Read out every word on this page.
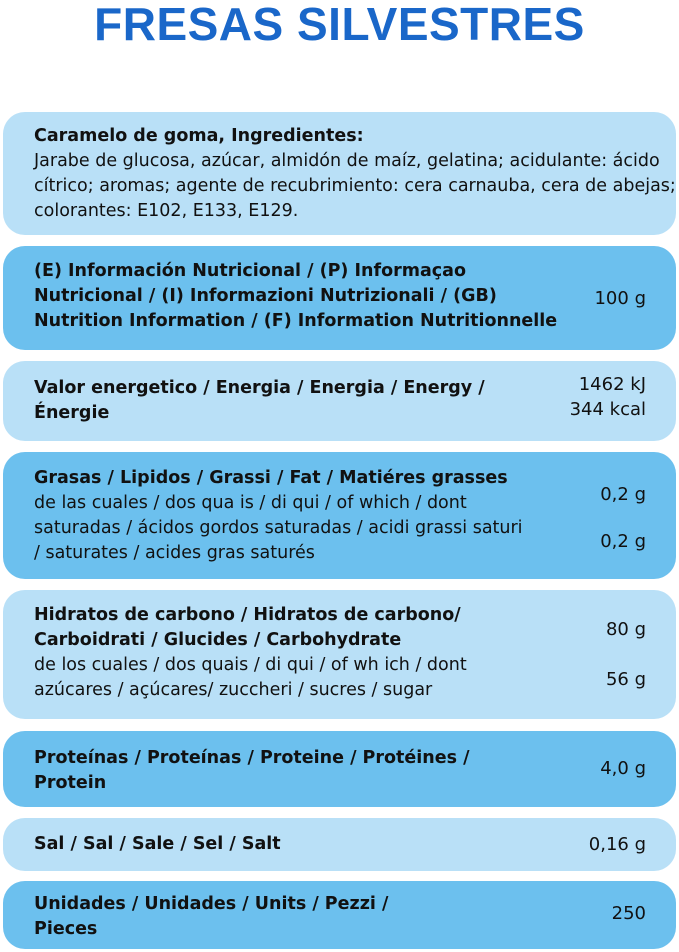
FRESAS SILVESTRES
Caramelo de goma, Ingredientes:
Jarabe de glucosa, azúcar, almidón de maíz, gelatina; acidulante: ácido
cítrico; aromas; agente de recubrimiento: cera carnauba, cera de abejas;
colorantes: E102, E133, E129.
(E) Información Nutricional / (P) Informaçao
Nutricional / (I) Informazioni Nutrizionali / (GB)
Nutrition Information / (F) Information Nutritionnelle
100 g
Valor energetico / Energia / Energia / Energy /
Énergie
1462 kJ
344 kcal
Grasas / Lipidos / Grassi / Fat / Matiéres grasses
de las cuales / dos qua is / di qui / of which / dont
saturadas / ácidos gordos saturadas / acidi grassi saturi
/ saturates / acides gras saturés
0,2 g
0,2 g
Hidratos de carbono / Hidratos de carbono/
Carboidrati / Glucides / Carbohydrate
de los cuales / dos quais / di qui / of wh ich / dont
azúcares / açúcares/ zuccheri / sucres / sugar
80 g
56 g
Proteínas / Proteínas / Proteine / Protéines /
Protein
4,0 g
Sal / Sal / Sale / Sel / Salt	0,16 g
Unidades / Unidades / Units / Pezzi /
Pieces
250
